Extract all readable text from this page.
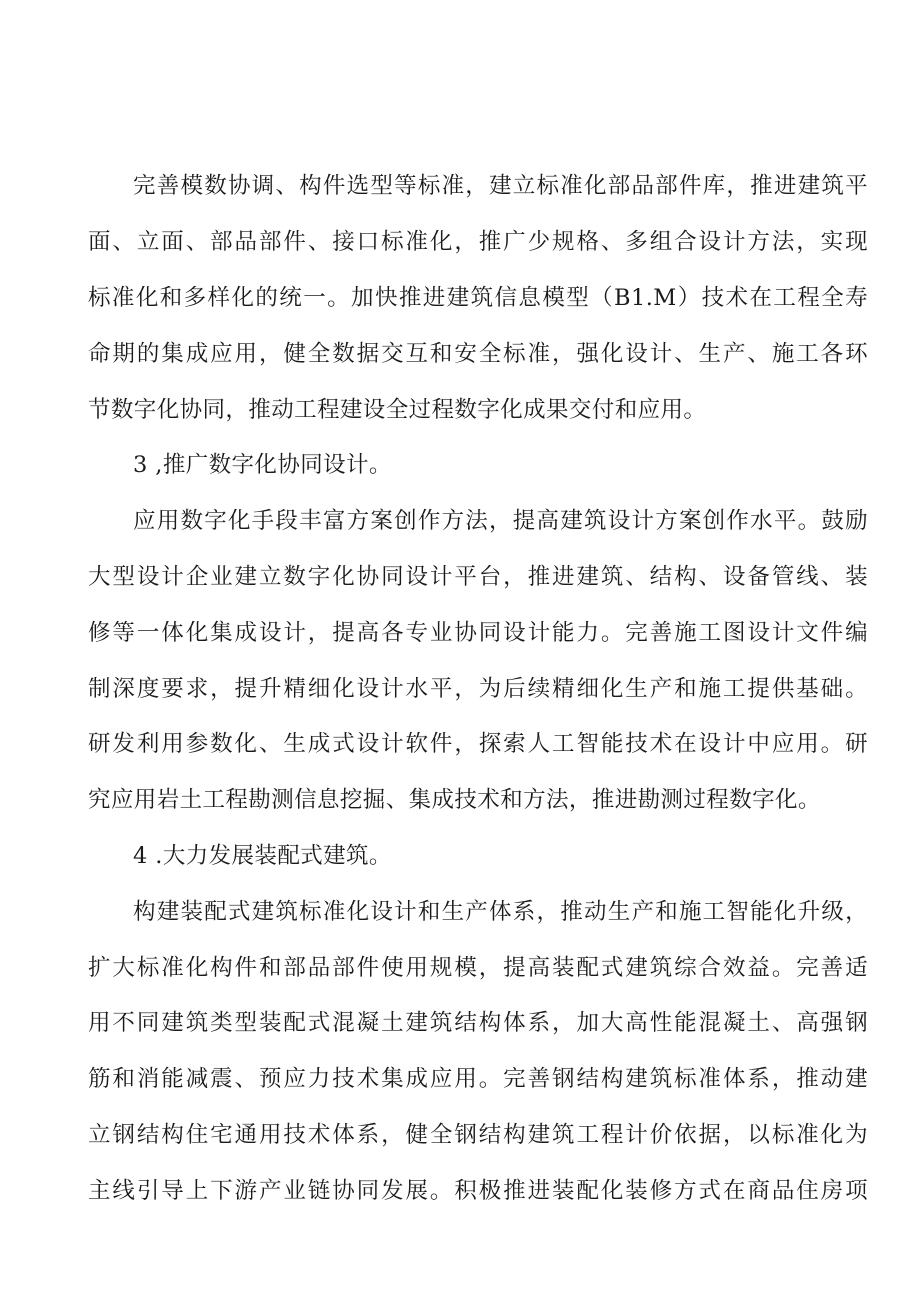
完善模数协调、构件选型等标准，建立标准化部品部件库，推进建筑平
面、立面、部品部件、接口标准化，推广少规格、多组合设计方法，实现
标准化和多样化的统一。加快推进建筑信息模型（B1.M）技术在工程全寿
命期的集成应用，健全数据交互和安全标准，强化设计、生产、施工各环
节数字化协同，推动工程建设全过程数字化成果交付和应用。
3 ,推广数字化协同设计。
应用数字化手段丰富方案创作方法，提高建筑设计方案创作水平。鼓励
大型设计企业建立数字化协同设计平台，推进建筑、结构、设备管线、装
修等一体化集成设计，提高各专业协同设计能力。完善施工图设计文件编
制深度要求，提升精细化设计水平，为后续精细化生产和施工提供基础。
研发利用参数化、生成式设计软件，探索人工智能技术在设计中应用。研
究应用岩土工程勘测信息挖掘、集成技术和方法，推进勘测过程数字化。
4 .大力发展装配式建筑。
构建装配式建筑标准化设计和生产体系，推动生产和施工智能化升级，
扩大标准化构件和部品部件使用规模，提高装配式建筑综合效益。完善适
用不同建筑类型装配式混凝土建筑结构体系，加大高性能混凝土、高强钢
筋和消能减震、预应力技术集成应用。完善钢结构建筑标准体系，推动建
立钢结构住宅通用技术体系，健全钢结构建筑工程计价依据，以标准化为
主线引导上下游产业链协同发展。积极推进装配化装修方式在商品住房项
